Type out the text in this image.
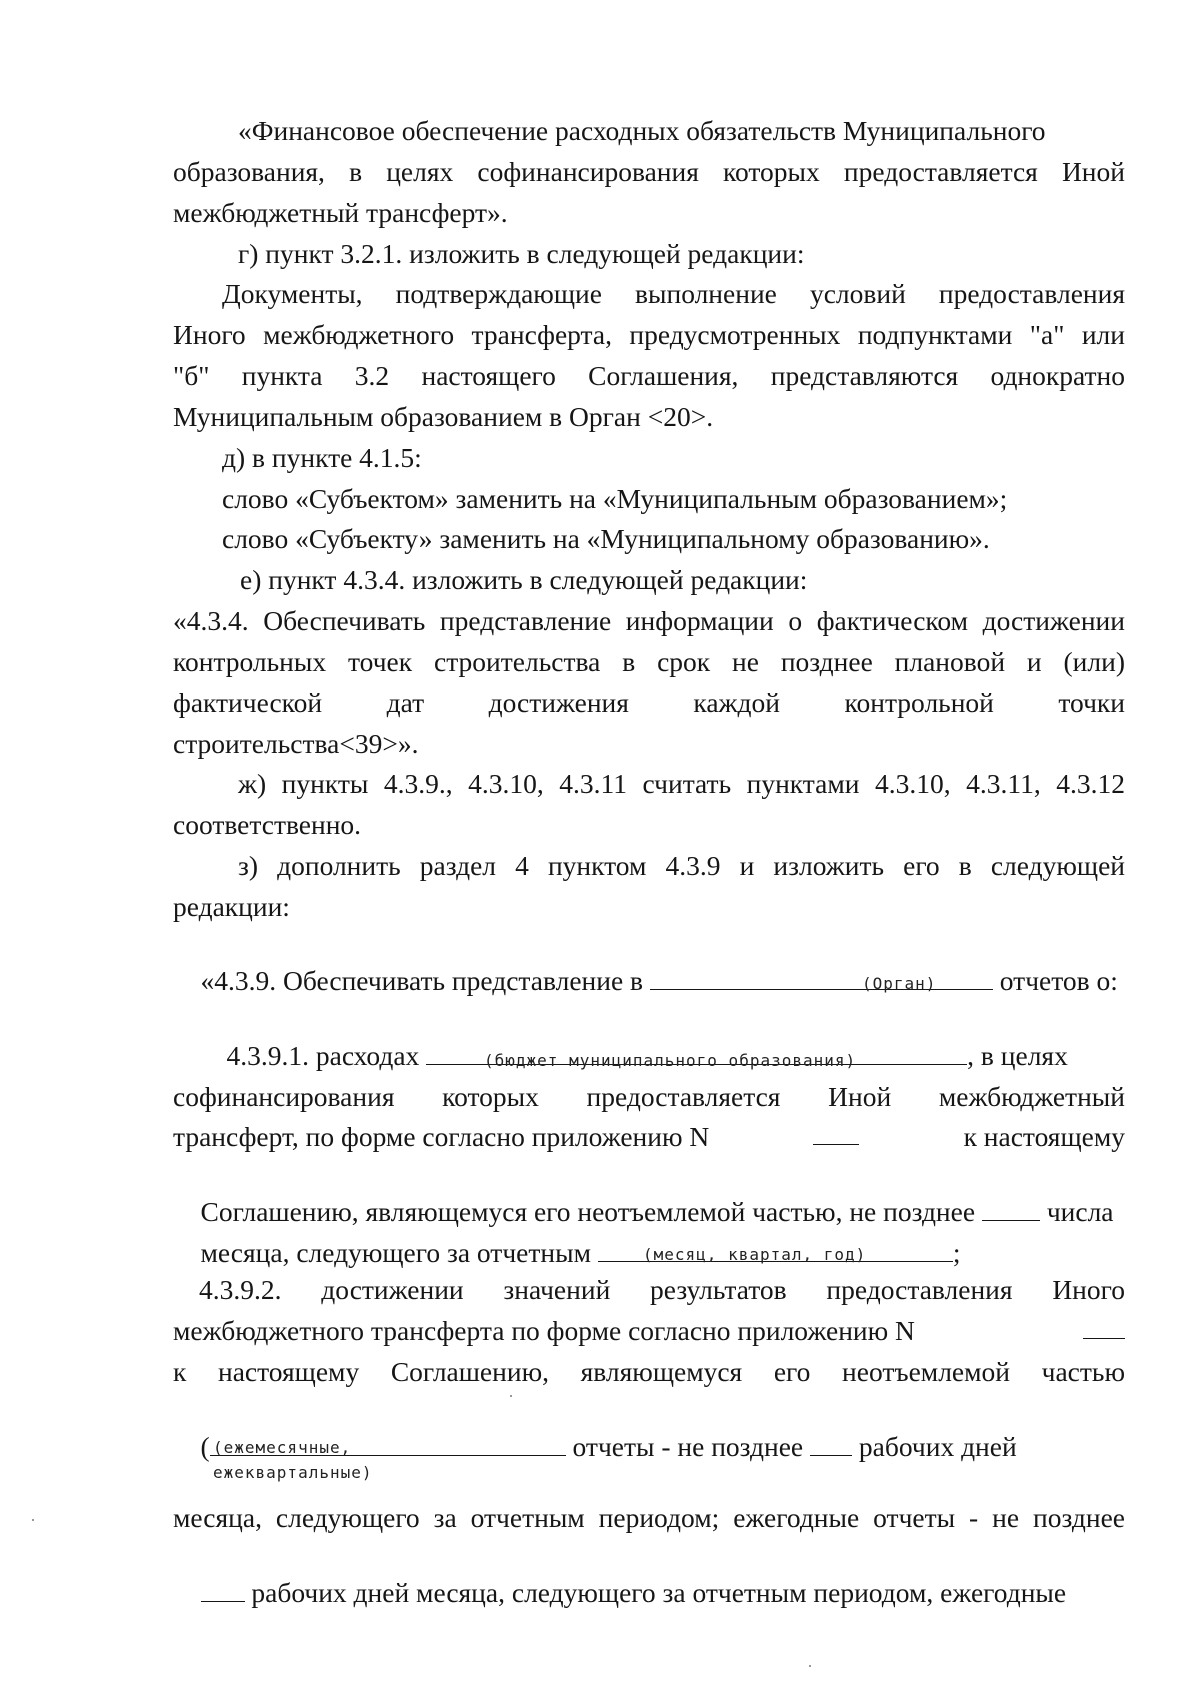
«Финансовое обеспечение расходных обязательств Муниципального
образования, в целях софинансирования которых предоставляется Иной
межбюджетный трансферт».
г) пункт 3.2.1. изложить в следующей редакции:
Документы, подтверждающие выполнение условий предоставления
Иного межбюджетного трансферта, предусмотренных подпунктами "а" или
"б" пункта 3.2 настоящего Соглашения, представляются однократно
Муниципальным образованием в Орган <20>.
д) в пункте 4.1.5:
слово «Субъектом» заменить на «Муниципальным образованием»;
слово «Субъекту» заменить на «Муниципальному образованию».
е) пункт 4.3.4. изложить в следующей редакции:
«4.3.4. Обеспечивать представление информации о фактическом достижении
контрольных точек строительства в срок не позднее плановой и (или)
фактической дат достижения каждой контрольной точки
строительства<39>».
ж) пункты 4.3.9., 4.3.10, 4.3.11 считать пунктами 4.3.10, 4.3.11, 4.3.12
соответственно.
з) дополнить раздел 4 пунктом 4.3.9 и изложить его в следующей
редакции:

«4.3.9. Обеспечивать представление в	отчетов о:

(Орган)

4.3.9.1. расходах	, в целях

(бюджет муниципального образования)
софинансирования которых предоставляется Иной межбюджетный
трансферт, по форме согласно приложению N	к настоящему

Соглашению, являющемуся его неотъемлемой частью, не позднее  числа

месяца, следующего за отчетным	;

(месяц, квартал, год)
4.3.9.2. достижении значений результатов предоставления Иного
межбюджетного трансферта по форме согласно приложению N
к настоящему Соглашению, являющемуся его неотъемлемой частью

(	отчеты - не позднее  рабочих дней

(ежемесячные,
ежеквартальные)
месяца, следующего за отчетным периодом; ежегодные отчеты - не позднее

рабочих дней месяца, следующего за отчетным периодом, ежегодные
